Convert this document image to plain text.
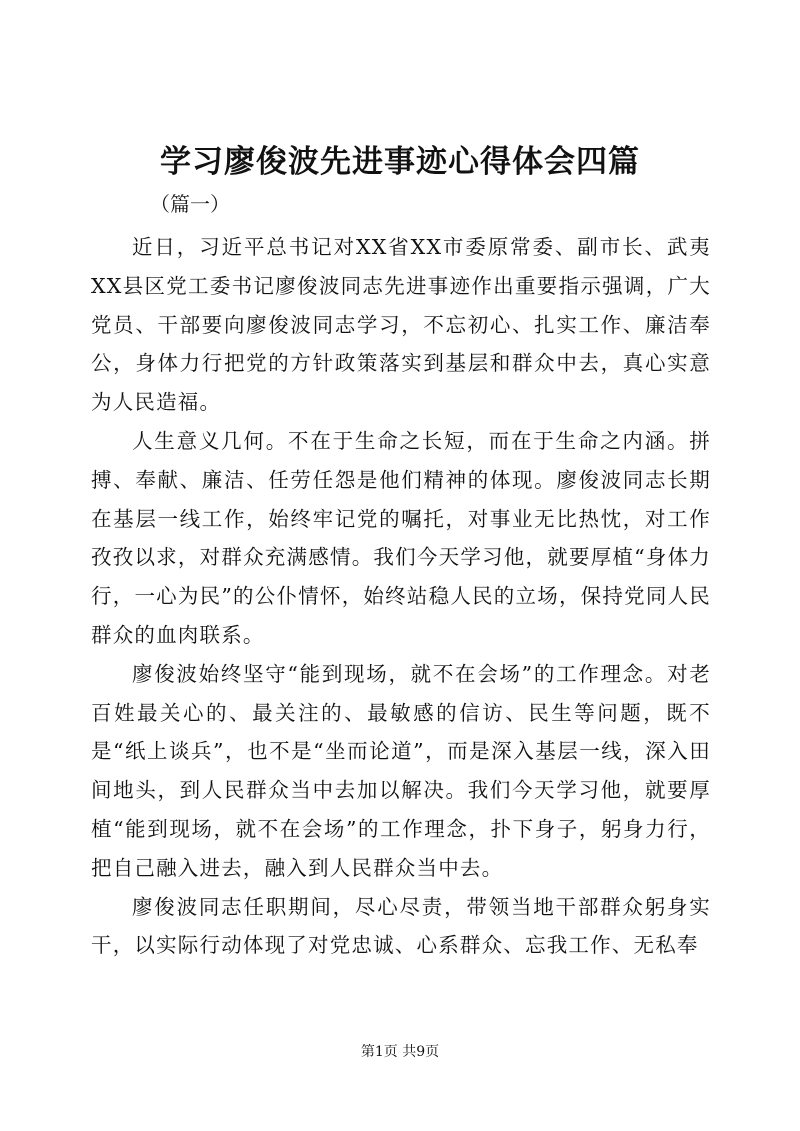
学习廖俊波先进事迹心得体会四篇

（篇一）

近日，习近平总书记对XX省XX市委原常委、副市长、武夷XX县区党工委书记廖俊波同志先进事迹作出重要指示强调，广大党员、干部要向廖俊波同志学习，不忘初心、扎实工作、廉洁奉公，身体力行把党的方针政策落实到基层和群众中去，真心实意为人民造福。

人生意义几何。不在于生命之长短，而在于生命之内涵。拼搏、奉献、廉洁、任劳任怨是他们精神的体现。廖俊波同志长期在基层一线工作，始终牢记党的嘱托，对事业无比热忱，对工作孜孜以求，对群众充满感情。我们今天学习他，就要厚植“身体力行，一心为民”的公仆情怀，始终站稳人民的立场，保持党同人民群众的血肉联系。

廖俊波始终坚守“能到现场，就不在会场”的工作理念。对老百姓最关心的、最关注的、最敏感的信访、民生等问题，既不是“纸上谈兵”，也不是“坐而论道”，而是深入基层一线，深入田间地头，到人民群众当中去加以解决。我们今天学习他，就要厚植“能到现场，就不在会场”的工作理念，扑下身子，躬身力行，把自己融入进去，融入到人民群众当中去。

廖俊波同志任职期间，尽心尽责，带领当地干部群众躬身实干，以实际行动体现了对党忠诚、心系群众、忘我工作、无私奉

第1页 共9页
